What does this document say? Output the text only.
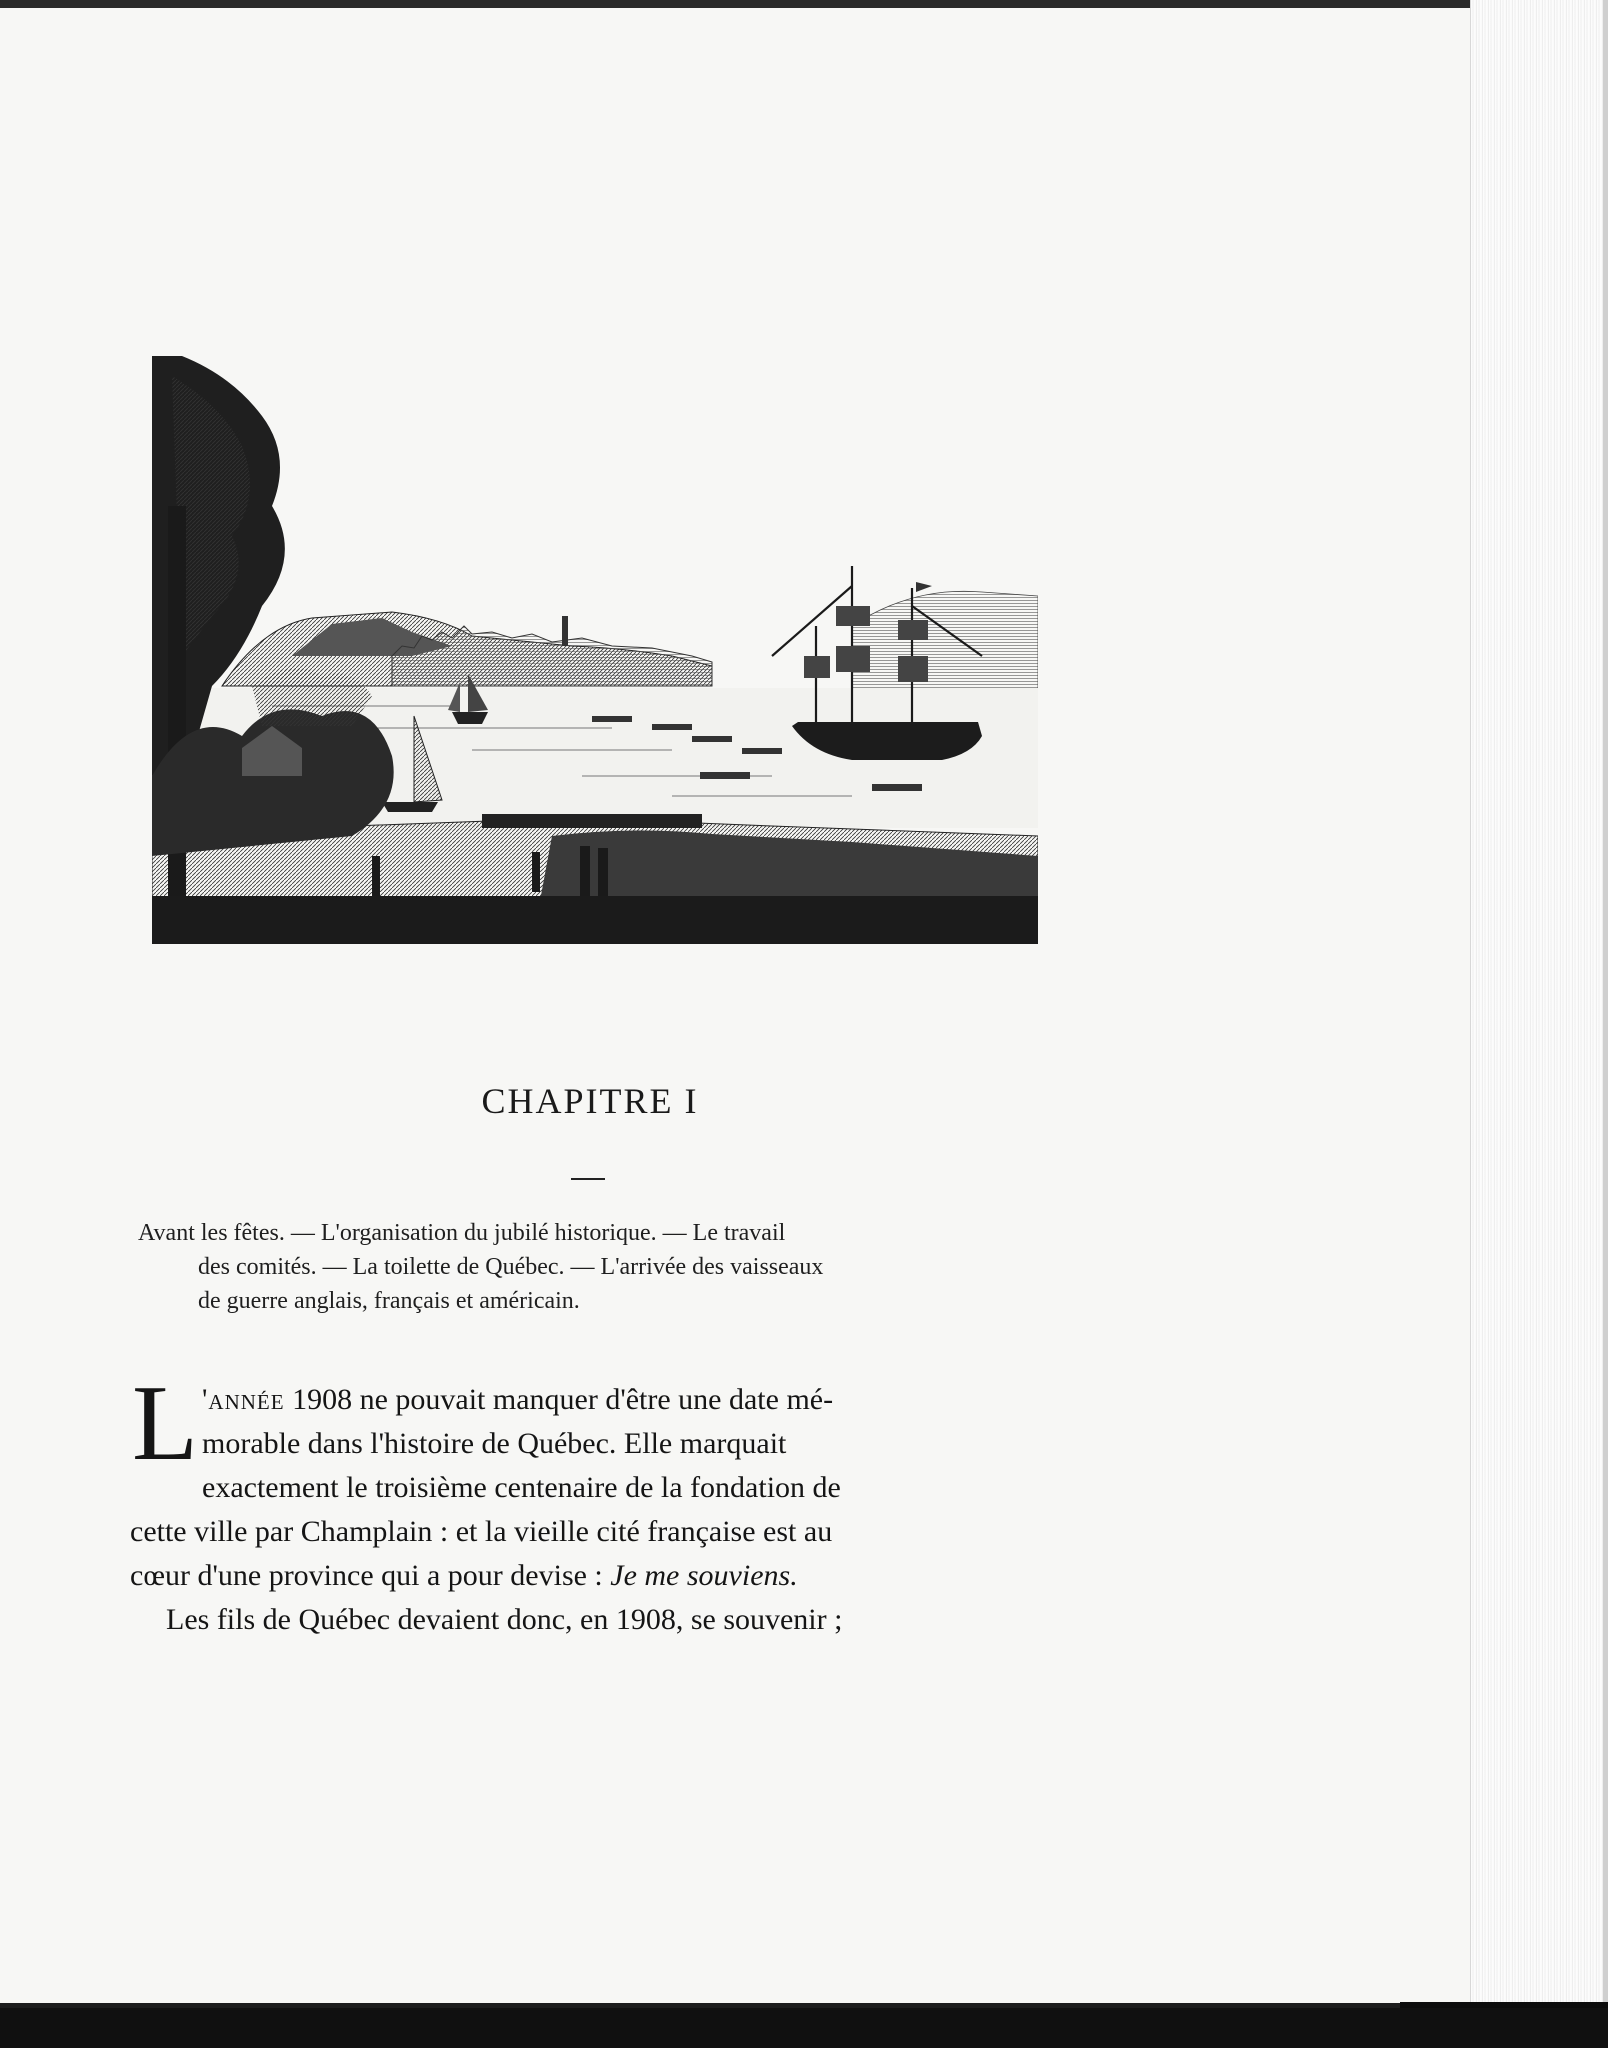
CHAPITRE I
Avant les fêtes. — L'organisation du jubilé historique. — Le travail
des comités. — La toilette de Québec. — L'arrivée des vaisseaux
de guerre anglais, français et américain.
L 'année 1908 ne pouvait manquer d'être une date mé-
morable dans l'histoire de Québec. Elle marquait
exactement le troisième centenaire de la fondation de
cette ville par Champlain : et la vieille cité française est au
cœur d'une province qui a pour devise : Je me souviens.
Les fils de Québec devaient donc, en 1908, se souvenir ;
